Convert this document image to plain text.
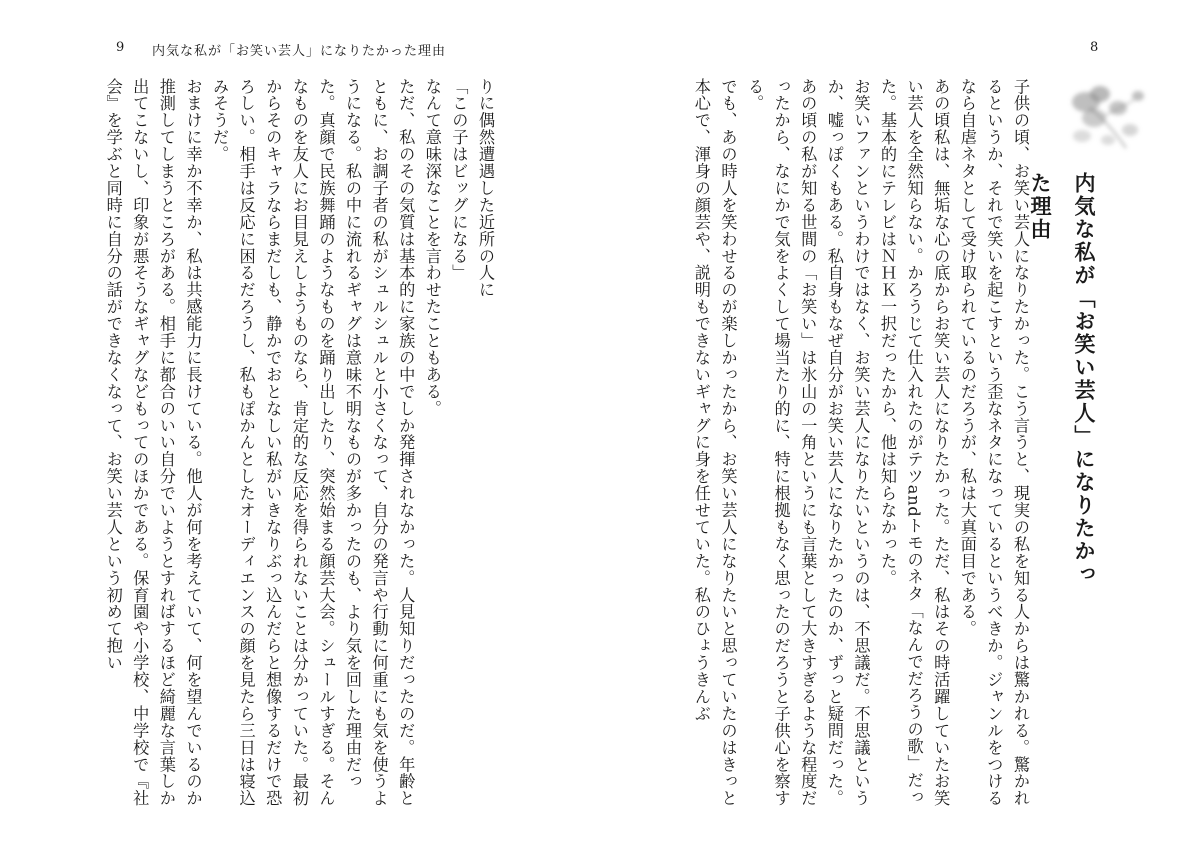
9 内気な私が「お笑い芸人」になりたかった理由

りに偶然遭遇した近所の人に

「この子はビッグになる」

なんて意味深なことを言わせたこともある。

ただ、私のその気質は基本的に家族の中でしか発揮されなかった。人見知りだったのだ。年齢とともに、お調子者の私がシュルシュルと小さくなって、自分の発言や行動に何重にも気を使うようになる。私の中に流れるギャグは意味不明なものが多かったのも、より気を回した理由だった。真顔で民族舞踊のようなものを踊り出したり、突然始まる顔芸大会。シュールすぎる。そんなものを友人にお目見えしようものなら、肯定的な反応を得られないことは分かっていた。最初からそのキャラならまだしも、静かでおとなしい私がいきなりぶっ込んだらと想像するだけで恐ろしい。相手は反応に困るだろうし、私もぽかんとしたオーディエンスの顔を見たら三日は寝込みそうだ。

おまけに幸か不幸か、私は共感能力に長けている。他人が何を考えていて、何を望んでいるのか推測してしまうところがある。相手に都合のいい自分でいようとすればするほど綺麗な言葉しか出てこないし、印象が悪そうなギャグなどもってのほかである。保育園や小学校、中学校で『社会』を学ぶと同時に自分の話ができなくなって、お笑い芸人という初めて抱い

8
内気な私が「お笑い芸人」になりたかった理由

子供の頃、お笑い芸人になりたかった。こう言うと、現実の私を知る人からは驚かれる。驚かれるというか、それで笑いを起こすという歪なネタになっているというべきか。ジャンルをつけるなら自虐ネタとして受け取られているのだろうが、私は大真面目である。

あの頃私は、無垢な心の底からお笑い芸人になりたかった。ただ、私はその時活躍していたお笑い芸人を全然知らない。かろうじて仕入れたのがテツandトモのネタ「なんでだろうの歌」だった。基本的にテレビはＮＨＫ一択だったから、他は知らなかった。

お笑いファンというわけではなく、お笑い芸人になりたいというのは、不思議だ。不思議というか、嘘っぽくもある。私自身もなぜ自分がお笑い芸人になりたかったのか、ずっと疑問だった。あの頃の私が知る世間の「お笑い」は氷山の一角というにも言葉として大きすぎるような程度だったから、なにかで気をよくして場当たり的に、特に根拠もなく思ったのだろうと子供心を察する。

でも、あの時人を笑わせるのが楽しかったから、お笑い芸人になりたいと思っていたのはきっと本心で、渾身の顔芸や、説明もできないギャグに身を任せていた。私のひょうきんぶ
